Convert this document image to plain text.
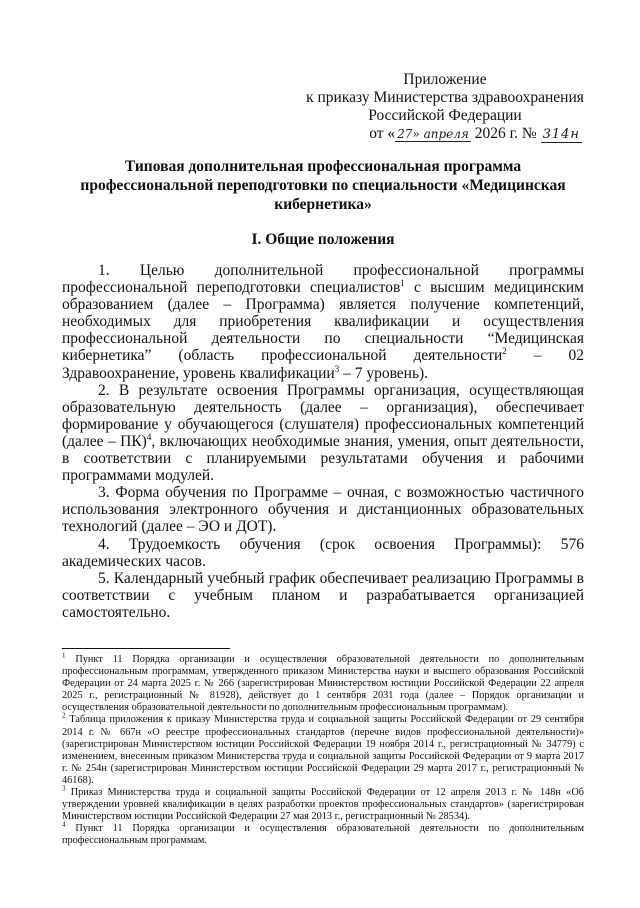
Приложение
к приказу Министерства здравоохранения
Российской Федерации
от « 27» апреля 2026 г. № 314н
Типовая дополнительная профессиональная программа профессиональной переподготовки по специальности «Медицинская кибернетика»
I. Общие положения

1. Целью дополнительной профессиональной программы профессиональной переподготовки специалистов$^1$ с высшим медицинским образованием (далее – Программа) является получение компетенций, необходимых для приобретения квалификации и осуществления профессиональной деятельности по специальности “Медицинская кибернетика” (область профессиональной деятельности$^2$ – 02 Здравоохранение, уровень квалификации$^3$ – 7 уровень).

2. В результате освоения Программы организация, осуществляющая образовательную деятельность (далее – организация), обеспечивает формирование у обучающегося (слушателя) профессиональных компетенций (далее – ПК)$^4$, включающих необходимые знания, умения, опыт деятельности, в соответствии с планируемыми результатами обучения и рабочими программами модулей.

3. Форма обучения по Программе – очная, с возможностью частичного использования электронного обучения и дистанционных образовательных технологий (далее – ЭО и ДОТ).

4. Трудоемкость обучения (срок освоения Программы): 576 академических часов.

5. Календарный учебный график обеспечивает реализацию Программы в соответствии с учебным планом и разрабатывается организацией самостоятельно.

$^1$ Пункт 11 Порядка организации и осуществления образовательной деятельности по дополнительным профессиональным программам, утвержденного приказом Министерства науки и высшего образования Российской Федерации от 24 марта 2025 г. № 266 (зарегистрирован Министерством юстиции Российской Федерации 22 апреля 2025 г., регистрационный № 81928), действует до 1 сентября 2031 года (далее – Порядок организации и осуществления образовательной деятельности по дополнительным профессиональным программам).

$^2$ Таблица приложения к приказу Министерства труда и социальной защиты Российской Федерации от 29 сентября 2014 г. № 667н «О реестре профессиональных стандартов (перечне видов профессиональной деятельности)» (зарегистрирован Министерством юстиции Российской Федерации 19 ноября 2014 г., регистрационный № 34779) с изменением, внесенным приказом Министерства труда и социальной защиты Российской Федерации от 9 марта 2017 г. № 254н (зарегистрирован Министерством юстиции Российской Федерации 29 марта 2017 г., регистрационный № 46168).

$^3$ Приказ Министерства труда и социальной защиты Российской Федерации от 12 апреля 2013 г. № 148н «Об утверждении уровней квалификации в целях разработки проектов профессиональных стандартов» (зарегистрирован Министерством юстиции Российской Федерации 27 мая 2013 г., регистрационный № 28534).

$^4$ Пункт 11 Порядка организации и осуществления образовательной деятельности по дополнительным профессиональным программам.
